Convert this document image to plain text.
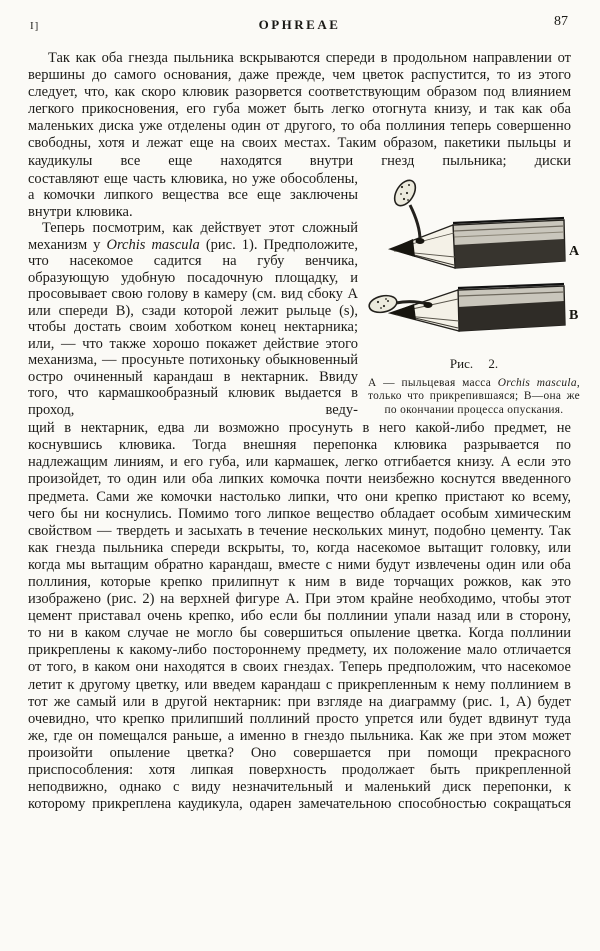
I]	OPHREAE	87

Так как оба гнезда пыльника вскрываются спереди в продольном направлении от вершины до самого основания, даже прежде, чем цветок распустится, то из этого следует, что, как скоро клювик разорвется соответствующим образом под влиянием легкого прикосновения, его губа может быть легко отогнута книзу, и так как оба маленьких диска уже отделены один от другого, то оба поллиния теперь совершенно свободны, хотя и лежат еще на своих местах. Таким образом, пакетики пыльцы и каудикулы все еще находятся внутри гнезд пыльника; диски

составляют еще часть клювика, но уже обособлены, а комочки липкого вещества все еще заключены внутри клювика.

Теперь посмотрим, как действует этот сложный механизм у Orchis mascula (рис. 1). Предположите, что насекомое садится на губу венчика, образующую удобную посадочную площадку, и просовывает свою голову в камеру (см. вид сбоку А или спереди В), сзади которой лежит рыльце (s), чтобы достать своим хоботком конец нектарника; или, — что также хорошо покажет действие этого механизма, — просуньте потихоньку обыкновенный остро очиненный карандаш в нектарник. Ввиду того, что кармашкообразный клювик выдается в проход, веду-

A
B
Рис. 2.
А — пыльцевая масса Orchis mascula, только что прикрепившаяся; В—она же по окончании процесса опускания.

щий в нектарник, едва ли возможно просунуть в него какой-либо предмет, не коснувшись клювика. Тогда внешняя перепонка клювика разрывается по надлежащим линиям, и его губа, или кармашек, легко отгибается книзу. А если это произойдет, то один или оба липких комочка почти неизбежно коснутся введенного предмета. Сами же комочки настолько липки, что они крепко пристают ко всему, чего бы ни коснулись. Помимо того липкое вещество обладает особым химическим свойством — твердеть и засыхать в течение нескольких минут, подобно цементу. Так как гнезда пыльника спереди вскрыты, то, когда насекомое вытащит головку, или когда мы вытащим обратно карандаш, вместе с ними будут извлечены один или оба поллиния, которые крепко прилипнут к ним в виде торчащих рожков, как это изображено (рис. 2) на верхней фигуре А. При этом крайне необходимо, чтобы этот цемент приставал очень крепко, ибо если бы поллинии упали назад или в сторону, то ни в каком случае не могло бы совершиться опыление цветка. Когда поллинии прикреплены к какому-либо постороннему предмету, их положение мало отличается от того, в каком они находятся в своих гнездах. Теперь предположим, что насекомое летит к другому цветку, или введем карандаш с прикрепленным к нему поллинием в тот же самый или в другой нектарник: при взгляде на диаграмму (рис. 1, А) будет очевидно, что крепко прилипший поллиний просто упрется или будет вдвинут туда же, где он помещался раньше, а именно в гнездо пыльника. Как же при этом может произойти опыление цветка? Оно совершается при помощи прекрасного приспособления: хотя липкая поверхность продолжает быть прикрепленной неподвижно, однако с виду незначительный и маленький диск перепонки, к которому прикреплена каудикула, одарен замечательною способностью сокращаться
